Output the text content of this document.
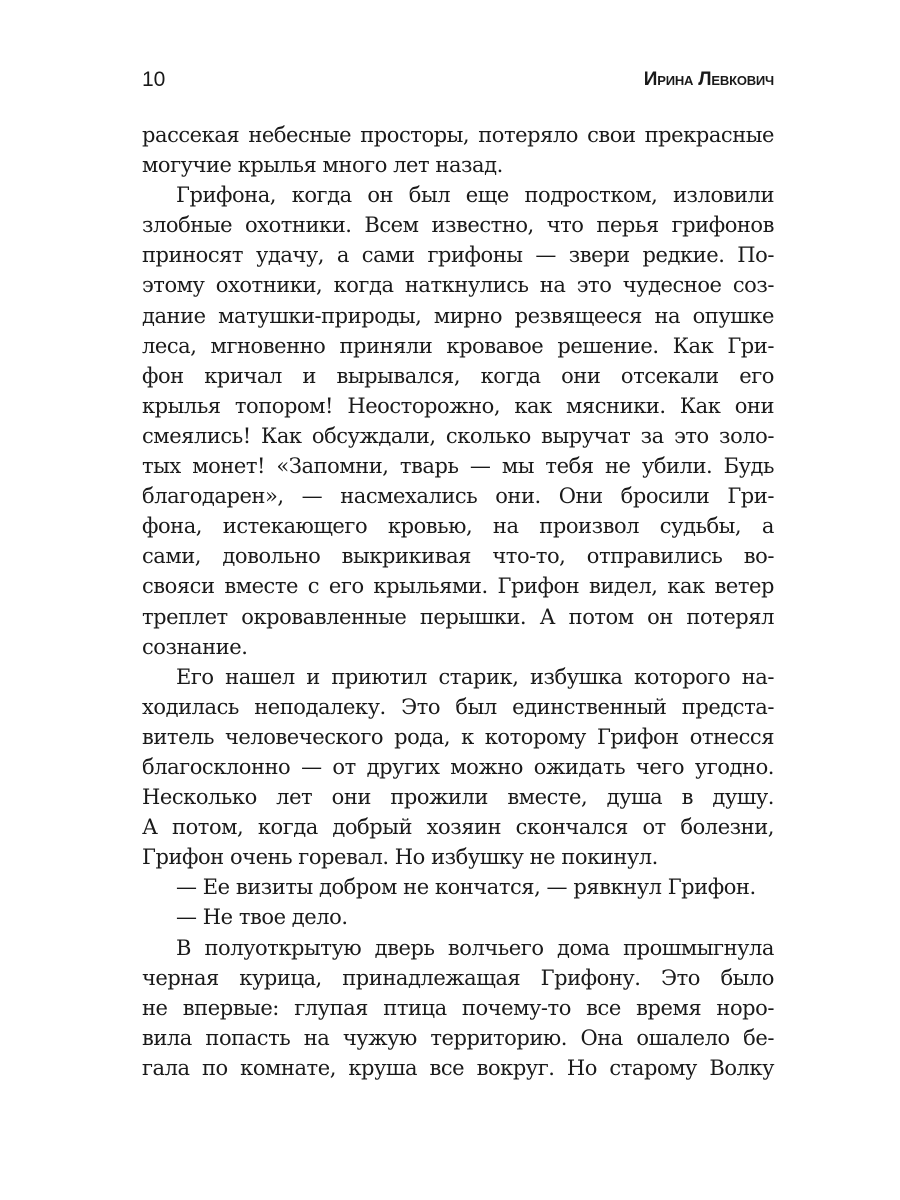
10	Ирина Левкович
рассекая небесные просторы, потеряло свои прекрасные
могучие крылья много лет назад.
Грифона, когда он был еще подростком, изловили
злобные охотники. Всем известно, что перья грифонов
приносят удачу, а сами грифоны — звери редкие. По-
этому охотники, когда наткнулись на это чудесное соз-
дание матушки-природы, мирно резвящееся на опушке
леса, мгновенно приняли кровавое решение. Как Гри-
фон кричал и вырывался, когда они отсекали его
крылья топором! Неосторожно, как мясники. Как они
смеялись! Как обсуждали, сколько выручат за это золо-
тых монет! «Запомни, тварь — мы тебя не убили. Будь
благодарен», — насмехались они. Они бросили Гри-
фона, истекающего кровью, на произвол судьбы, а
сами, довольно выкрикивая что-то, отправились во-
свояси вместе с его крыльями. Грифон видел, как ветер
треплет окровавленные перышки. А потом он потерял
сознание.
Его нашел и приютил старик, избушка которого на-
ходилась неподалеку. Это был единственный предста-
витель человеческого рода, к которому Грифон отнесся
благосклонно — от других можно ожидать чего угодно.
Несколько лет они прожили вместе, душа в душу.
А потом, когда добрый хозяин скончался от болезни,
Грифон очень горевал. Но избушку не покинул.
— Ее визиты добром не кончатся, — рявкнул Грифон.
— Не твое дело.
В полуоткрытую дверь волчьего дома прошмыгнула
черная курица, принадлежащая Грифону. Это было
не впервые: глупая птица почему-то все время норо-
вила попасть на чужую территорию. Она ошалело бе-
гала по комнате, круша все вокруг. Но старому Волку
